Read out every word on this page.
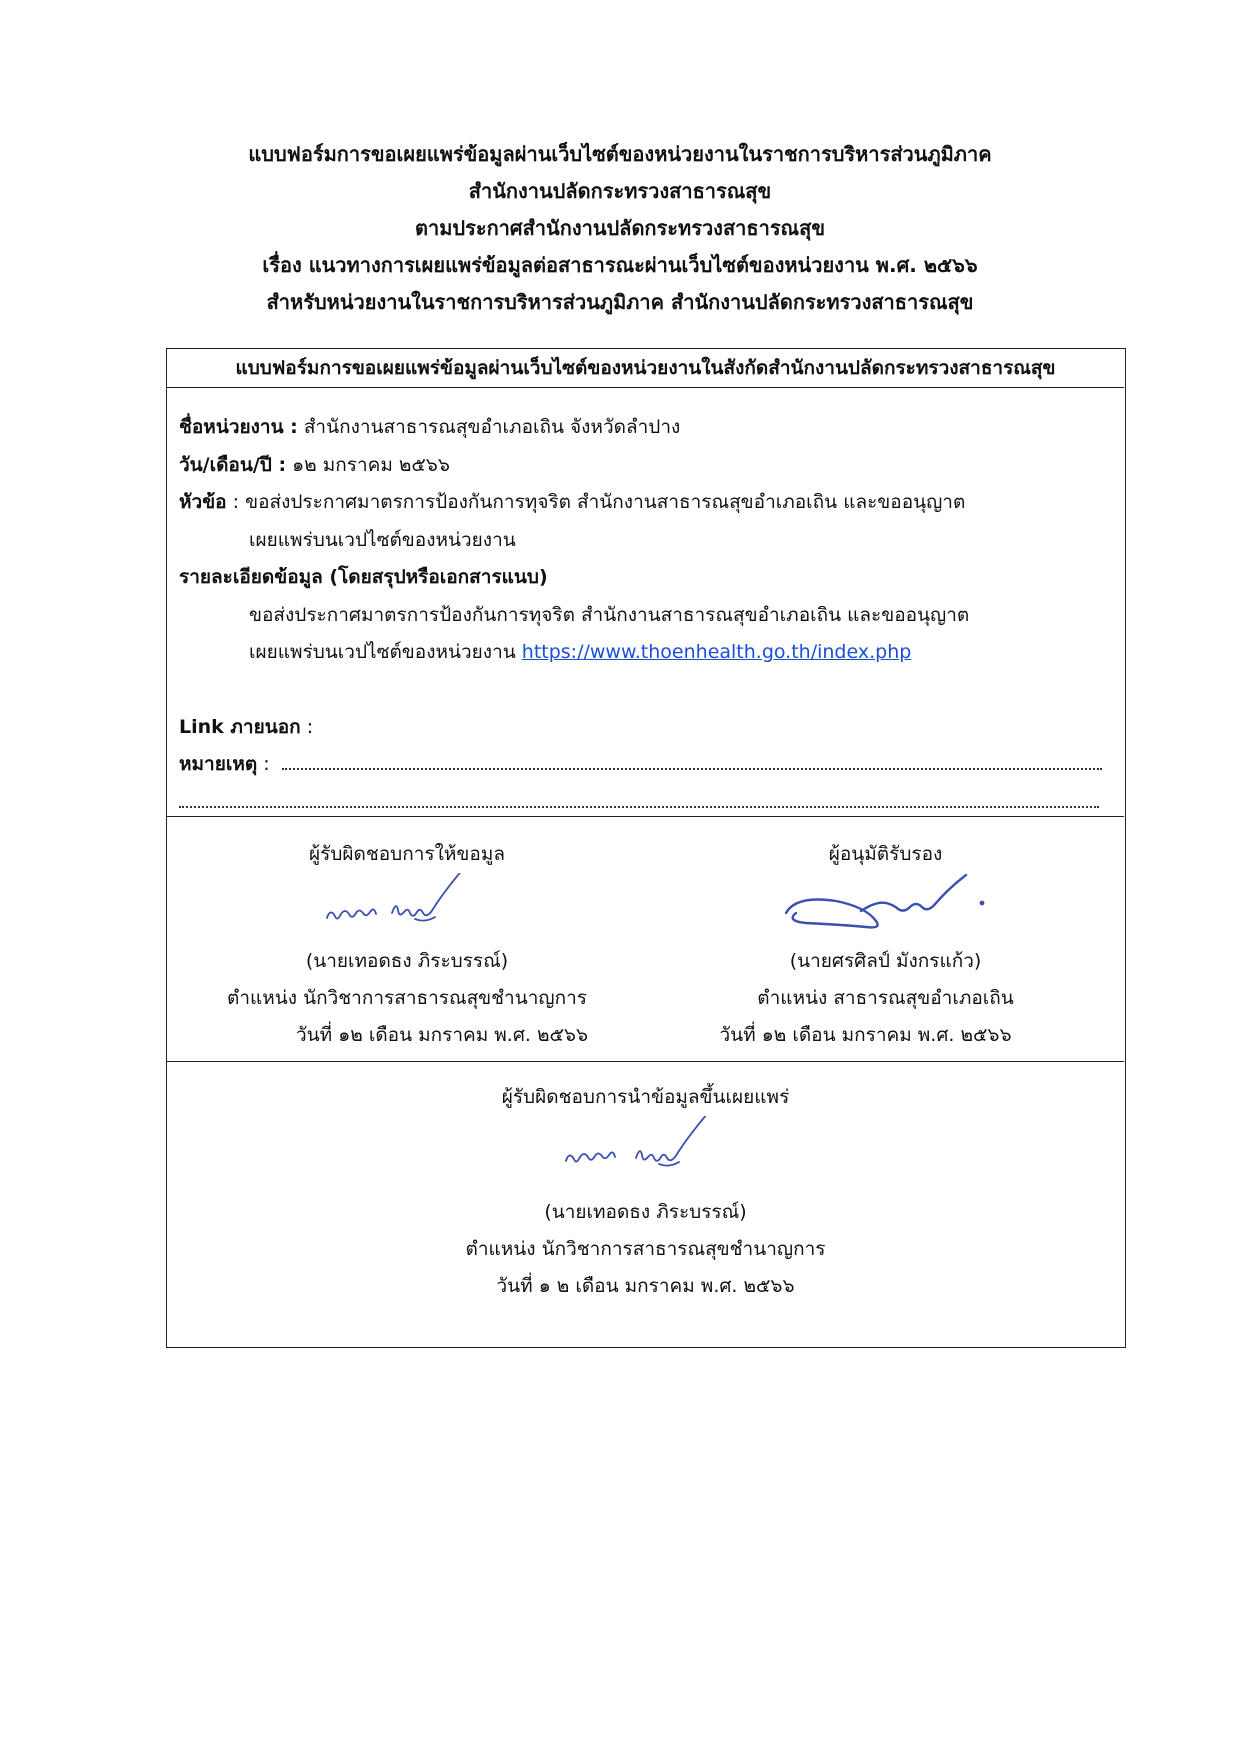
แบบฟอร์มการขอเผยแพร่ข้อมูลผ่านเว็บไซต์ของหน่วยงานในราชการบริหารส่วนภูมิภาค
สำนักงานปลัดกระทรวงสาธารณสุข
ตามประกาศสำนักงานปลัดกระทรวงสาธารณสุข
เรื่อง แนวทางการเผยแพร่ข้อมูลต่อสาธารณะผ่านเว็บไซต์ของหน่วยงาน พ.ศ. ๒๕๖๖
สำหรับหน่วยงานในราชการบริหารส่วนภูมิภาค สำนักงานปลัดกระทรวงสาธารณสุข
แบบฟอร์มการขอเผยแพร่ข้อมูลผ่านเว็บไซต์ของหน่วยงานในสังกัดสำนักงานปลัดกระทรวงสาธารณสุข
ชื่อหน่วยงาน : สำนักงานสาธารณสุขอำเภอเถิน จังหวัดลำปาง
วัน/เดือน/ปี : ๑๒ มกราคม ๒๕๖๖
หัวข้อ : ขอส่งประกาศมาตรการป้องกันการทุจริต สำนักงานสาธารณสุขอำเภอเถิน และขออนุญาต
เผยแพร่บนเวปไซต์ของหน่วยงาน
รายละเอียดข้อมูล (โดยสรุปหรือเอกสารแนบ)
ขอส่งประกาศมาตรการป้องกันการทุจริต สำนักงานสาธารณสุขอำเภอเถิน และขออนุญาต
เผยแพร่บนเวปไซต์ของหน่วยงาน https://www.thoenhealth.go.th/index.php
Link ภายนอก :
หมายเหตุ :
ผู้รับผิดชอบการให้ขอมูล
(นายเทอดธง ภิระบรรณ์)
ตำแหน่ง นักวิชาการสาธารณสุขชำนาญการ
วันที่ ๑๒ เดือน มกราคม พ.ศ. ๒๕๖๖
ผู้อนุมัติรับรอง
(นายศรศิลป์ มังกรแก้ว)
ตำแหน่ง สาธารณสุขอำเภอเถิน
วันที่ ๑๒ เดือน มกราคม พ.ศ. ๒๕๖๖
ผู้รับผิดชอบการนำข้อมูลขึ้นเผยแพร่
(นายเทอดธง ภิระบรรณ์)
ตำแหน่ง นักวิชาการสาธารณสุขชำนาญการ
วันที่ ๑ ๒ เดือน มกราคม พ.ศ. ๒๕๖๖
